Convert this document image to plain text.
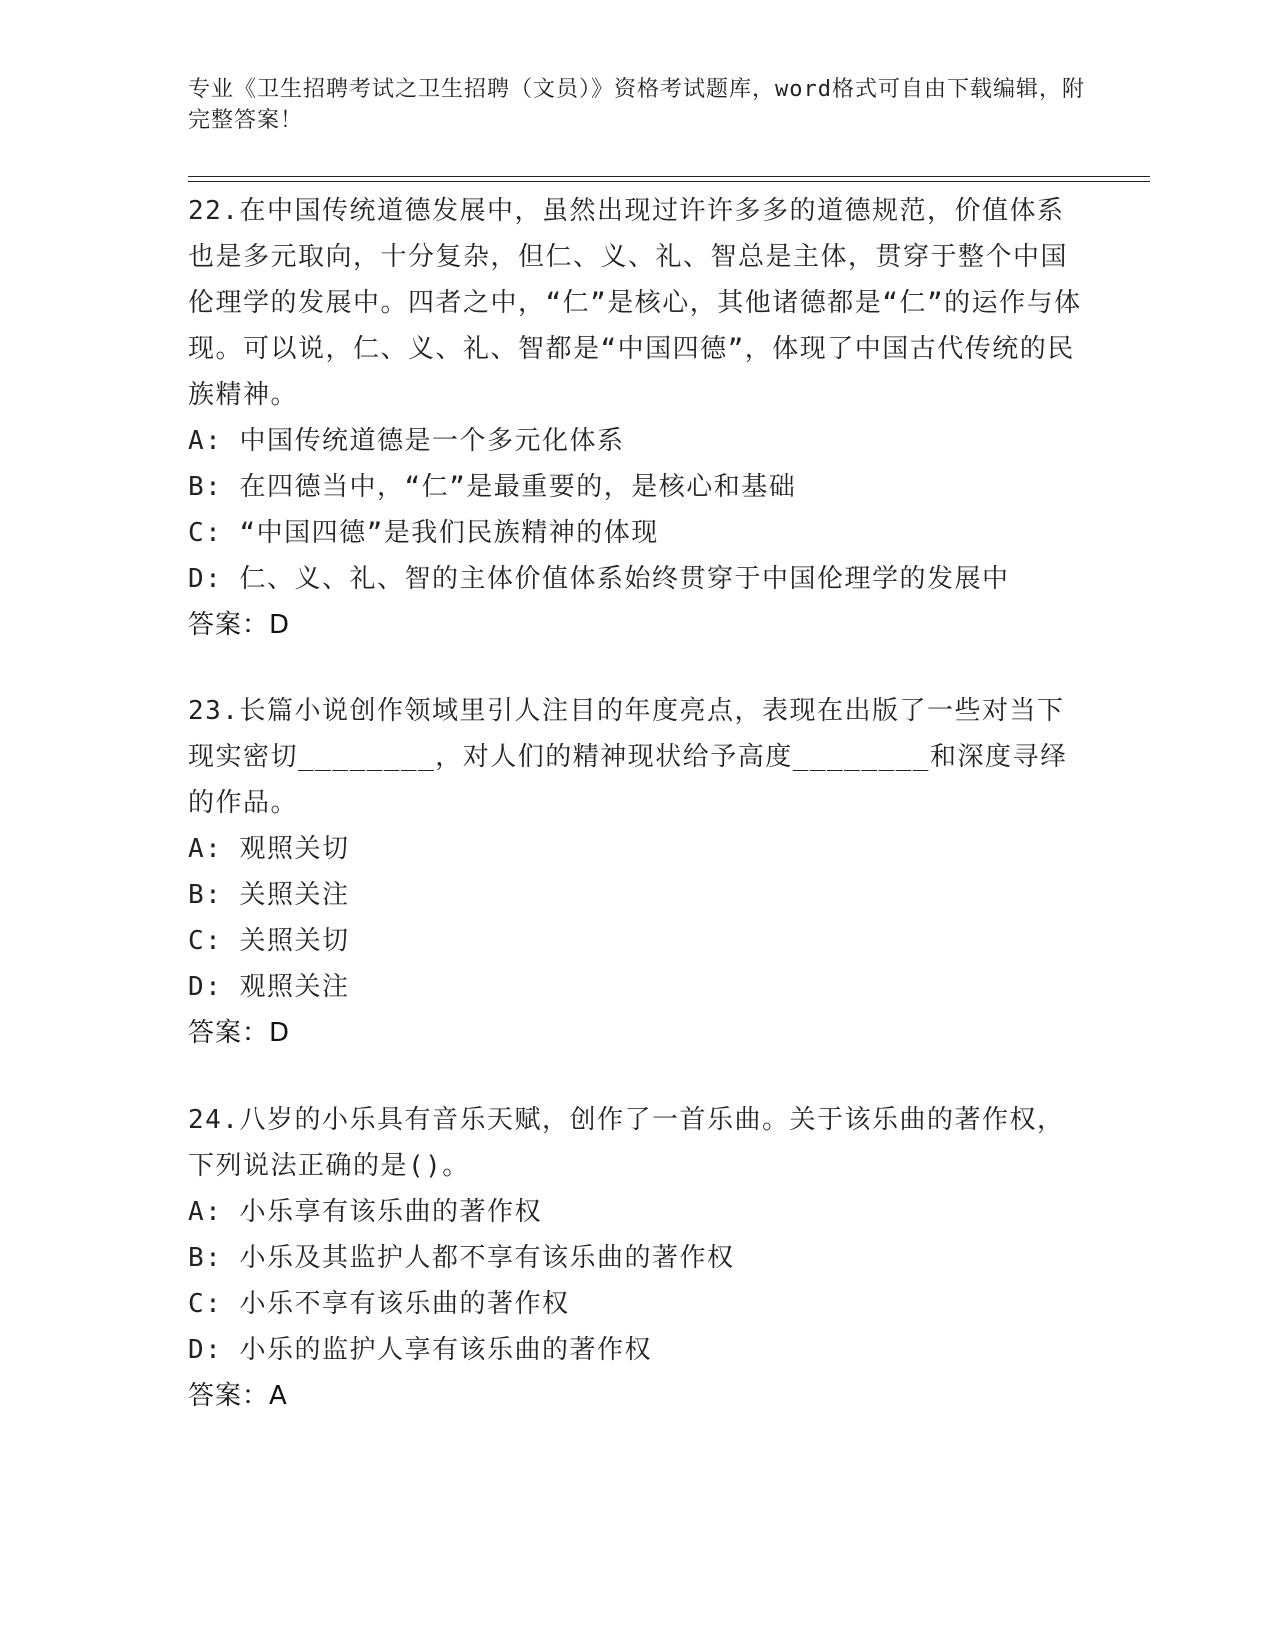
专业《卫生招聘考试之卫生招聘（文员）》资格考试题库，word格式可自由下载编辑，附完整答案！

22.在中国传统道德发展中，虽然出现过许许多多的道德规范，价值体系也是多元取向，十分复杂，但仁、义、礼、智总是主体，贯穿于整个中国伦理学的发展中。四者之中，“仁”是核心，其他诸德都是“仁”的运作与体现。可以说，仁、义、礼、智都是“中国四德”，体现了中国古代传统的民族精神。

A: 中国传统道德是一个多元化体系

B: 在四德当中，“仁”是最重要的，是核心和基础

C: “中国四德”是我们民族精神的体现

D: 仁、义、礼、智的主体价值体系始终贯穿于中国伦理学的发展中

答案：D

23.长篇小说创作领域里引人注目的年度亮点，表现在出版了一些对当下现实密切________，对人们的精神现状给予高度________和深度寻绎的作品。

A: 观照关切

B: 关照关注

C: 关照关切

D: 观照关注

答案：D

24.八岁的小乐具有音乐天赋，创作了一首乐曲。关于该乐曲的著作权，下列说法正确的是()。

A: 小乐享有该乐曲的著作权

B: 小乐及其监护人都不享有该乐曲的著作权

C: 小乐不享有该乐曲的著作权

D: 小乐的监护人享有该乐曲的著作权

答案：A
